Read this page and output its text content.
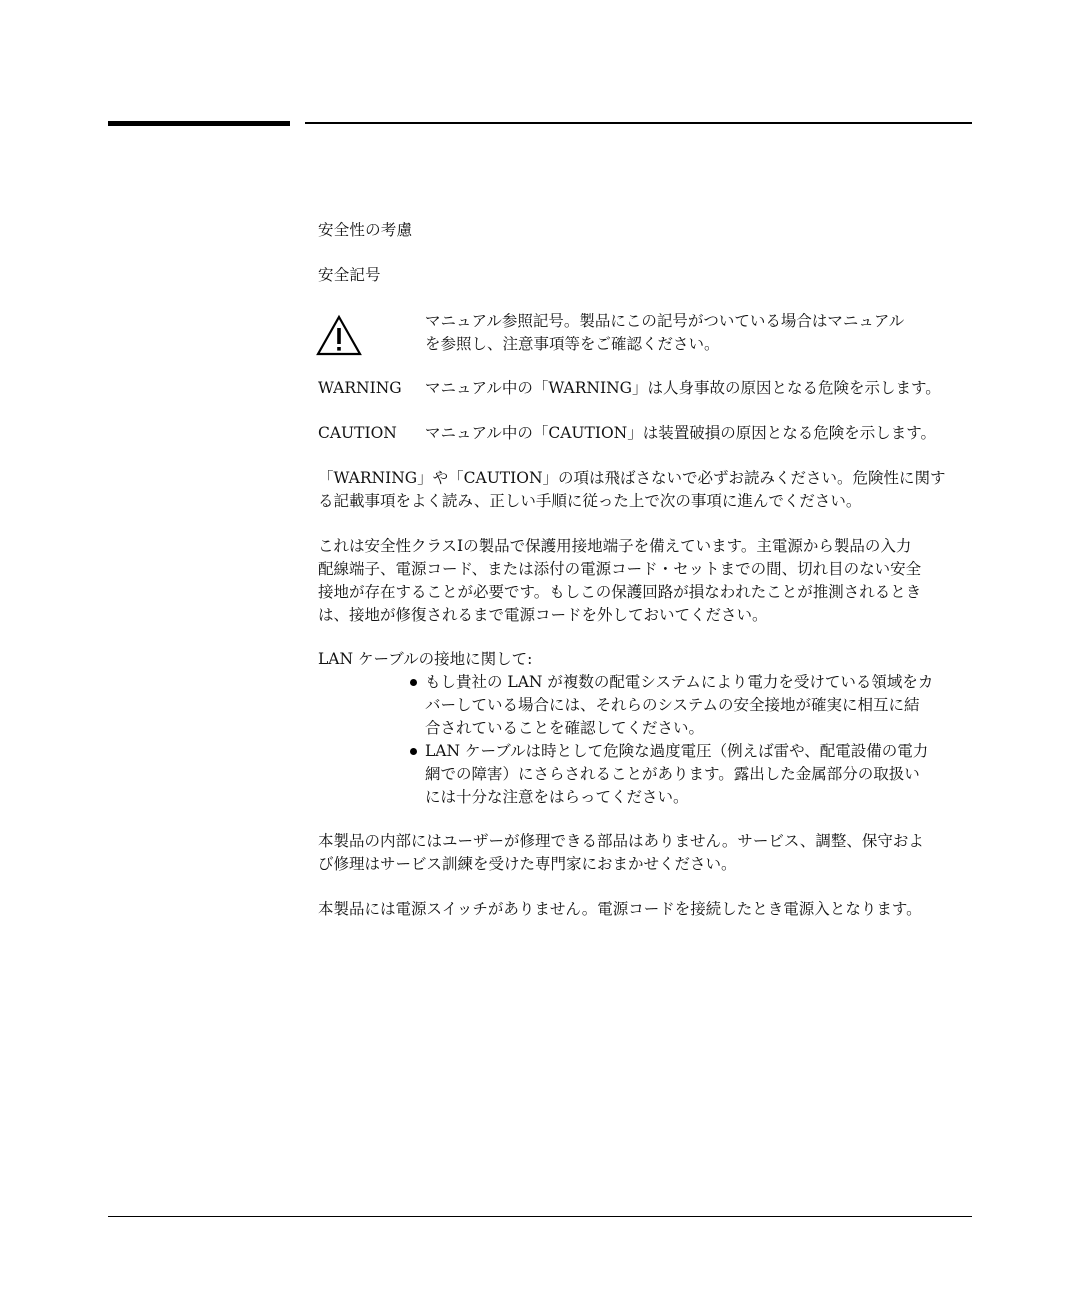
安全性の考慮
安全記号
マニュアル参照記号。製品にこの記号がついている場合はマニュアル
を参照し、注意事項等をご確認ください。
WARNING マニュアル中の「WARNING」は人身事故の原因となる危険を示します。
CAUTION マニュアル中の「CAUTION」は装置破損の原因となる危険を示します。
「WARNING」や「CAUTION」の項は飛ばさないで必ずお読みください。危険性に関す
る記載事項をよく読み、正しい手順に従った上で次の事項に進んでください。
これは安全性クラスIの製品で保護用接地端子を備えています。主電源から製品の入力
配線端子、電源コード、または添付の電源コード・セットまでの間、切れ目のない安全
接地が存在することが必要です。もしこの保護回路が損なわれたことが推測されるとき
は、接地が修復されるまで電源コードを外しておいてください。
LAN ケーブルの接地に関して:
もし貴社の LAN が複数の配電システムにより電力を受けている領域をカ
バーしている場合には、それらのシステムの安全接地が確実に相互に結
合されていることを確認してください。
LAN ケーブルは時として危険な過度電圧（例えば雷や、配電設備の電力
網での障害）にさらされることがあります。露出した金属部分の取扱い
には十分な注意をはらってください。
本製品の内部にはユーザーが修理できる部品はありません。サービス、調整、保守およ
び修理はサービス訓練を受けた専門家におまかせください。
本製品には電源スイッチがありません。電源コードを接続したとき電源入となります。
